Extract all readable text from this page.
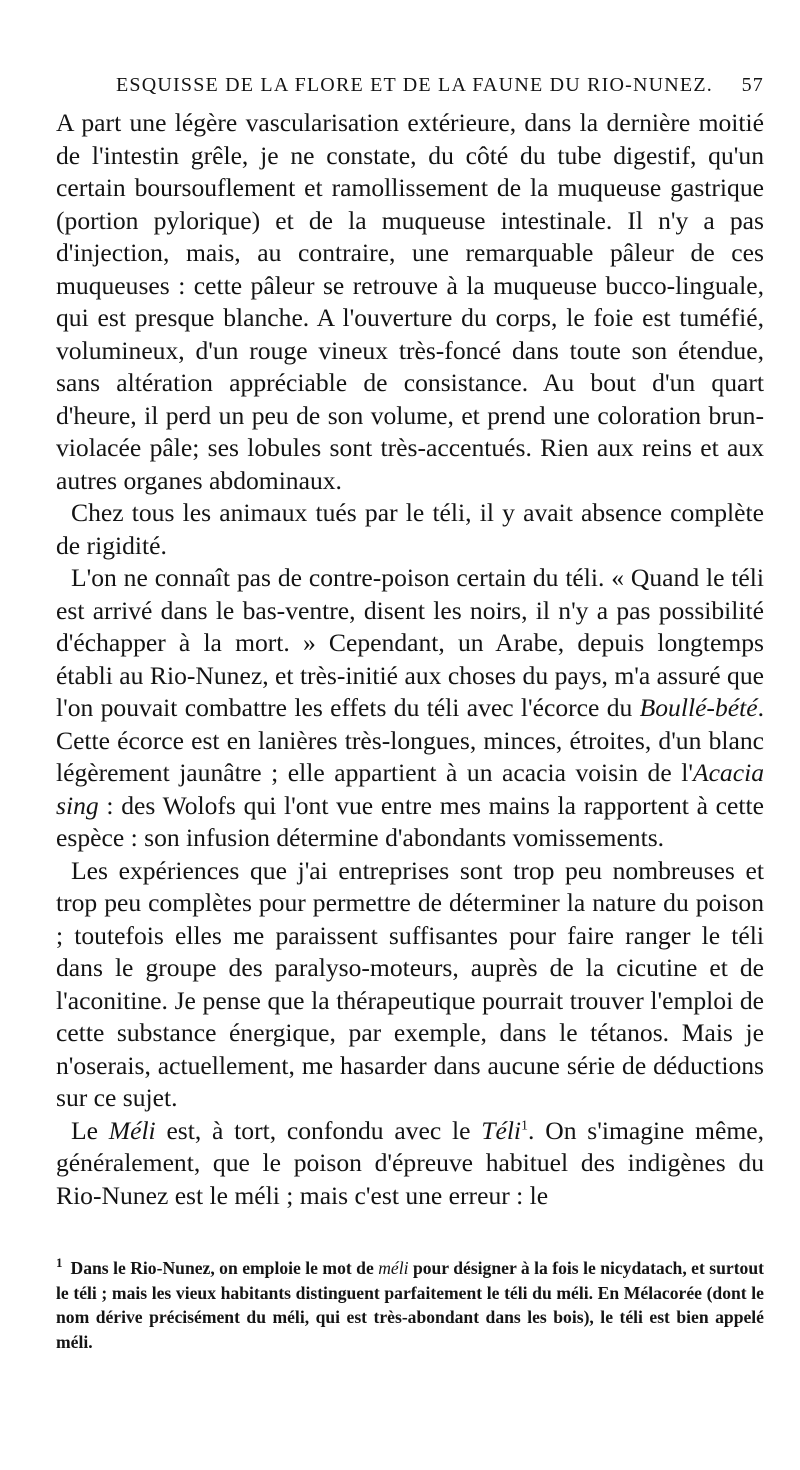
ESQUISSE DE LA FLORE ET DE LA FAUNE DU RIO-NUNEZ. 57

A part une légère vascularisation extérieure, dans la dernière moitié de l'intestin grêle, je ne constate, du côté du tube digestif, qu'un certain boursouflement et ramollissement de la muqueuse gastrique (portion pylorique) et de la muqueuse intestinale. Il n'y a pas d'injection, mais, au contraire, une remarquable pâleur de ces muqueuses : cette pâleur se retrouve à la muqueuse bucco-linguale, qui est presque blanche. A l'ouverture du corps, le foie est tuméfié, volumineux, d'un rouge vineux très-foncé dans toute son étendue, sans altération appréciable de consistance. Au bout d'un quart d'heure, il perd un peu de son volume, et prend une coloration brun-violacée pâle; ses lobules sont très-accentués. Rien aux reins et aux autres organes abdominaux.

Chez tous les animaux tués par le téli, il y avait absence complète de rigidité.

L'on ne connaît pas de contre-poison certain du téli. « Quand le téli est arrivé dans le bas-ventre, disent les noirs, il n'y a pas possibilité d'échapper à la mort. » Cependant, un Arabe, depuis longtemps établi au Rio-Nunez, et très-initié aux choses du pays, m'a assuré que l'on pouvait combattre les effets du téli avec l'écorce du Boullé-bété. Cette écorce est en lanières très-longues, minces, étroites, d'un blanc légèrement jaunâtre ; elle appartient à un acacia voisin de l'Acacia sing : des Wolofs qui l'ont vue entre mes mains la rapportent à cette espèce : son infusion détermine d'abondants vomissements.

Les expériences que j'ai entreprises sont trop peu nombreuses et trop peu complètes pour permettre de déterminer la nature du poison ; toutefois elles me paraissent suffisantes pour faire ranger le téli dans le groupe des paralyso-moteurs, auprès de la cicutine et de l'aconitine. Je pense que la thérapeutique pourrait trouver l'emploi de cette substance énergique, par exemple, dans le tétanos. Mais je n'oserais, actuellement, me hasarder dans aucune série de déductions sur ce sujet.

Le Méli est, à tort, confondu avec le Téli$^1$. On s'imagine même, généralement, que le poison d'épreuve habituel des indigènes du Rio-Nunez est le méli ; mais c'est une erreur : le

$^1$ Dans le Rio-Nunez, on emploie le mot de méli pour désigner à la fois le nicydatach, et surtout le téli ; mais les vieux habitants distinguent parfaitement le téli du méli. En Mélacorée (dont le nom dérive précisément du méli, qui est très-abondant dans les bois), le téli est bien appelé méli.
